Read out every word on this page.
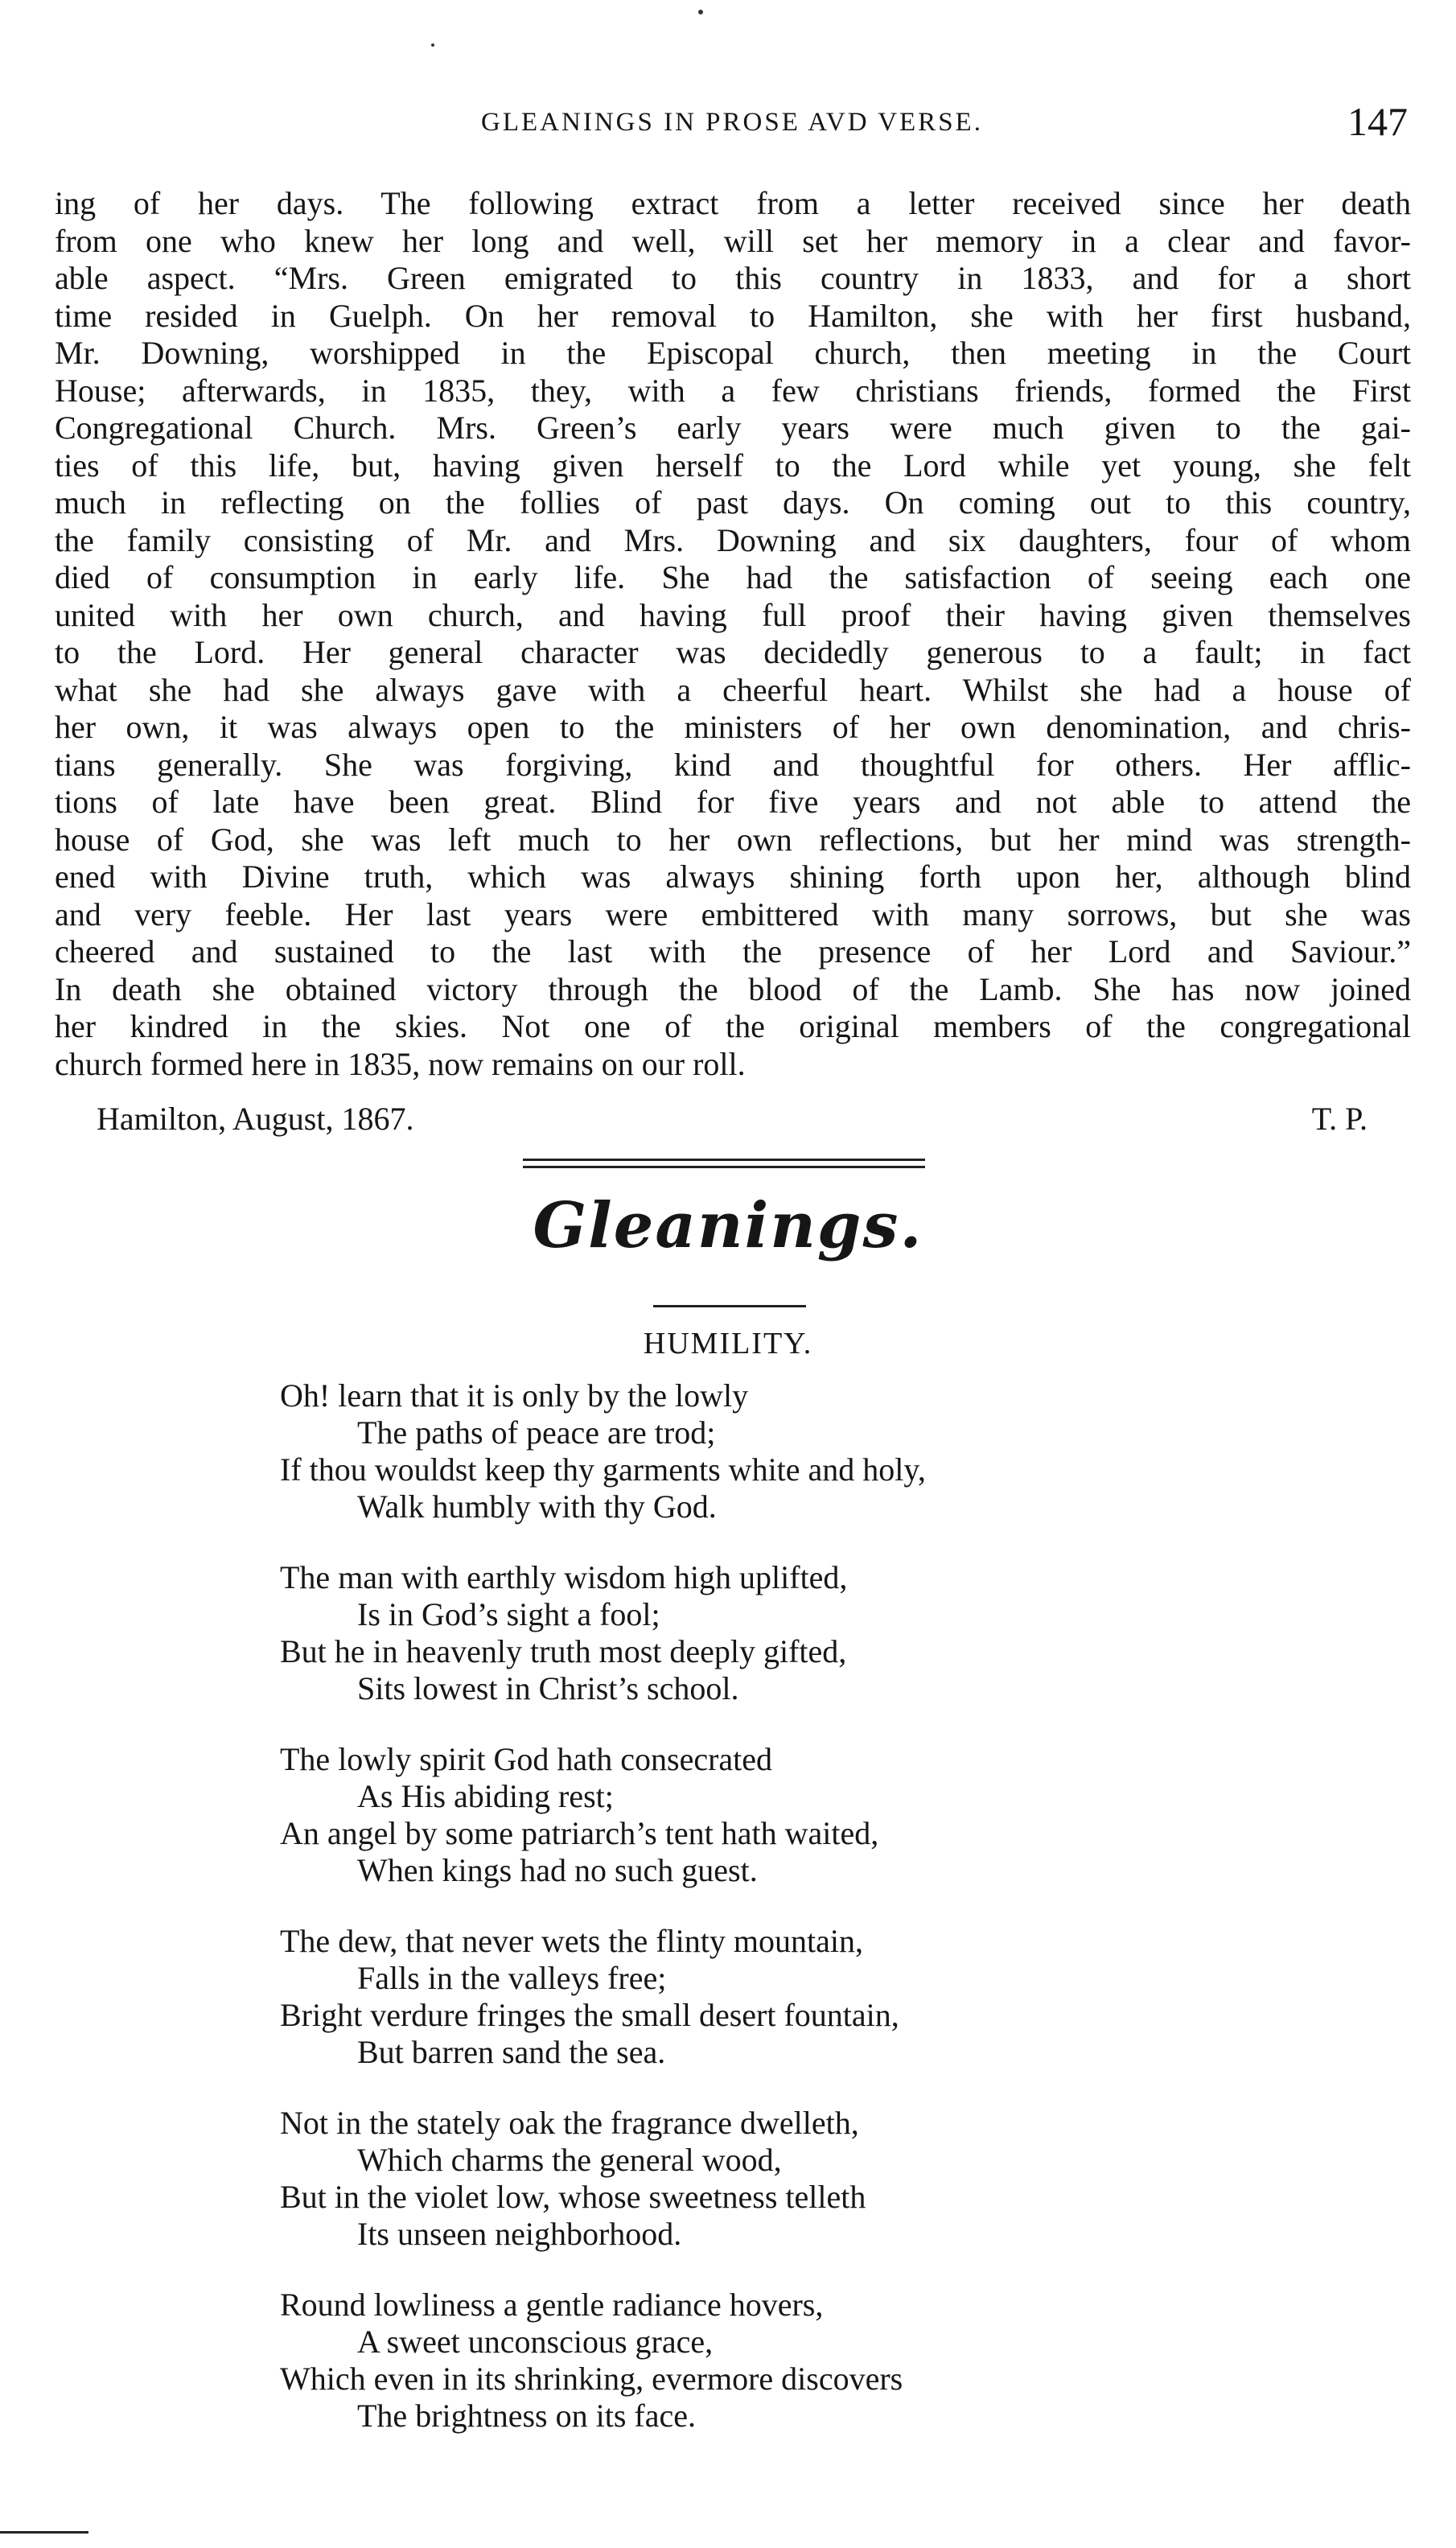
GLEANINGS IN PROSE AVD VERSE.	147
ing of her days. The following extract from a letter received since her death
from one who knew her long and well, will set her memory in a clear and favor-
able aspect. “Mrs. Green emigrated to this country in 1833, and for a short
time resided in Guelph. On her removal to Hamilton, she with her first husband,
Mr. Downing, worshipped in the Episcopal church, then meeting in the Court
House; afterwards, in 1835, they, with a few christians friends, formed the First
Congregational Church. Mrs. Green’s early years were much given to the gai-
ties of this life, but, having given herself to the Lord while yet young, she felt
much in reflecting on the follies of past days. On coming out to this country,
the family consisting of Mr. and Mrs. Downing and six daughters, four of whom
died of consumption in early life. She had the satisfaction of seeing each one
united with her own church, and having full proof their having given themselves
to the Lord. Her general character was decidedly generous to a fault; in fact
what she had she always gave with a cheerful heart. Whilst she had a house of
her own, it was always open to the ministers of her own denomination, and chris-
tians generally. She was forgiving, kind and thoughtful for others. Her afflic-
tions of late have been great. Blind for five years and not able to attend the
house of God, she was left much to her own reflections, but her mind was strength-
ened with Divine truth, which was always shining forth upon her, although blind
and very feeble. Her last years were embittered with many sorrows, but she was
cheered and sustained to the last with the presence of her Lord and Saviour.”
In death she obtained victory through the blood of the Lamb. She has now joined
her kindred in the skies. Not one of the original members of the congregational
church formed here in 1835, now remains on our roll.
Hamilton, August, 1867.	T. P.
Gleanings.
HUMILITY.
Oh! learn that it is only by the lowly
The paths of peace are trod;
If thou wouldst keep thy garments white and holy,
Walk humbly with thy God.
The man with earthly wisdom high uplifted,
Is in God’s sight a fool;
But he in heavenly truth most deeply gifted,
Sits lowest in Christ’s school.
The lowly spirit God hath consecrated
As His abiding rest;
An angel by some patriarch’s tent hath waited,
When kings had no such guest.
The dew, that never wets the flinty mountain,
Falls in the valleys free;
Bright verdure fringes the small desert fountain,
But barren sand the sea.
Not in the stately oak the fragrance dwelleth,
Which charms the general wood,
But in the violet low, whose sweetness telleth
Its unseen neighborhood.
Round lowliness a gentle radiance hovers,
A sweet unconscious grace,
Which even in its shrinking, evermore discovers
The brightness on its face.
